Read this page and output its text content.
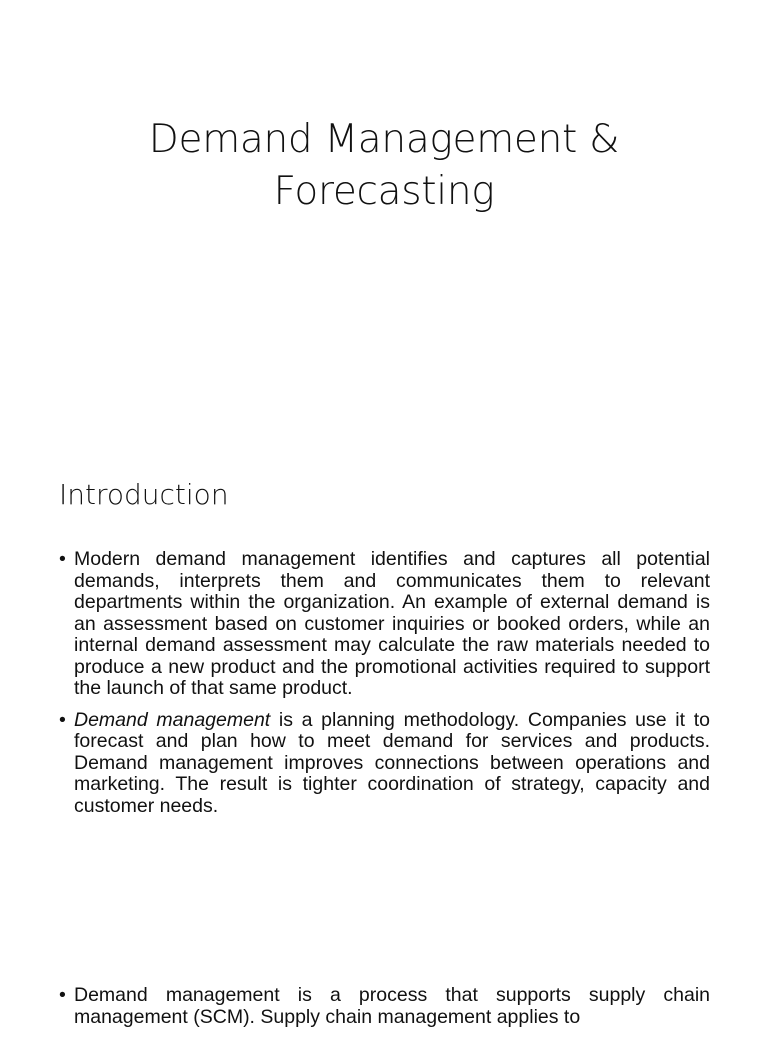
Demand Management &
Forecasting
Introduction
• Modern demand management identifies and captures all potential demands, interprets them and communicates them to relevant departments within the organization. An example of external demand is an assessment based on customer inquiries or booked orders, while an internal demand assessment may calculate the raw materials needed to produce a new product and the promotional activities required to support the launch of that same product.
• Demand management is a planning methodology. Companies use it to forecast and plan how to meet demand for services and products. Demand management improves connections between operations and marketing. The result is tighter coordination of strategy, capacity and customer needs.
• Demand management is a process that supports supply chain management (SCM). Supply chain management applies to
